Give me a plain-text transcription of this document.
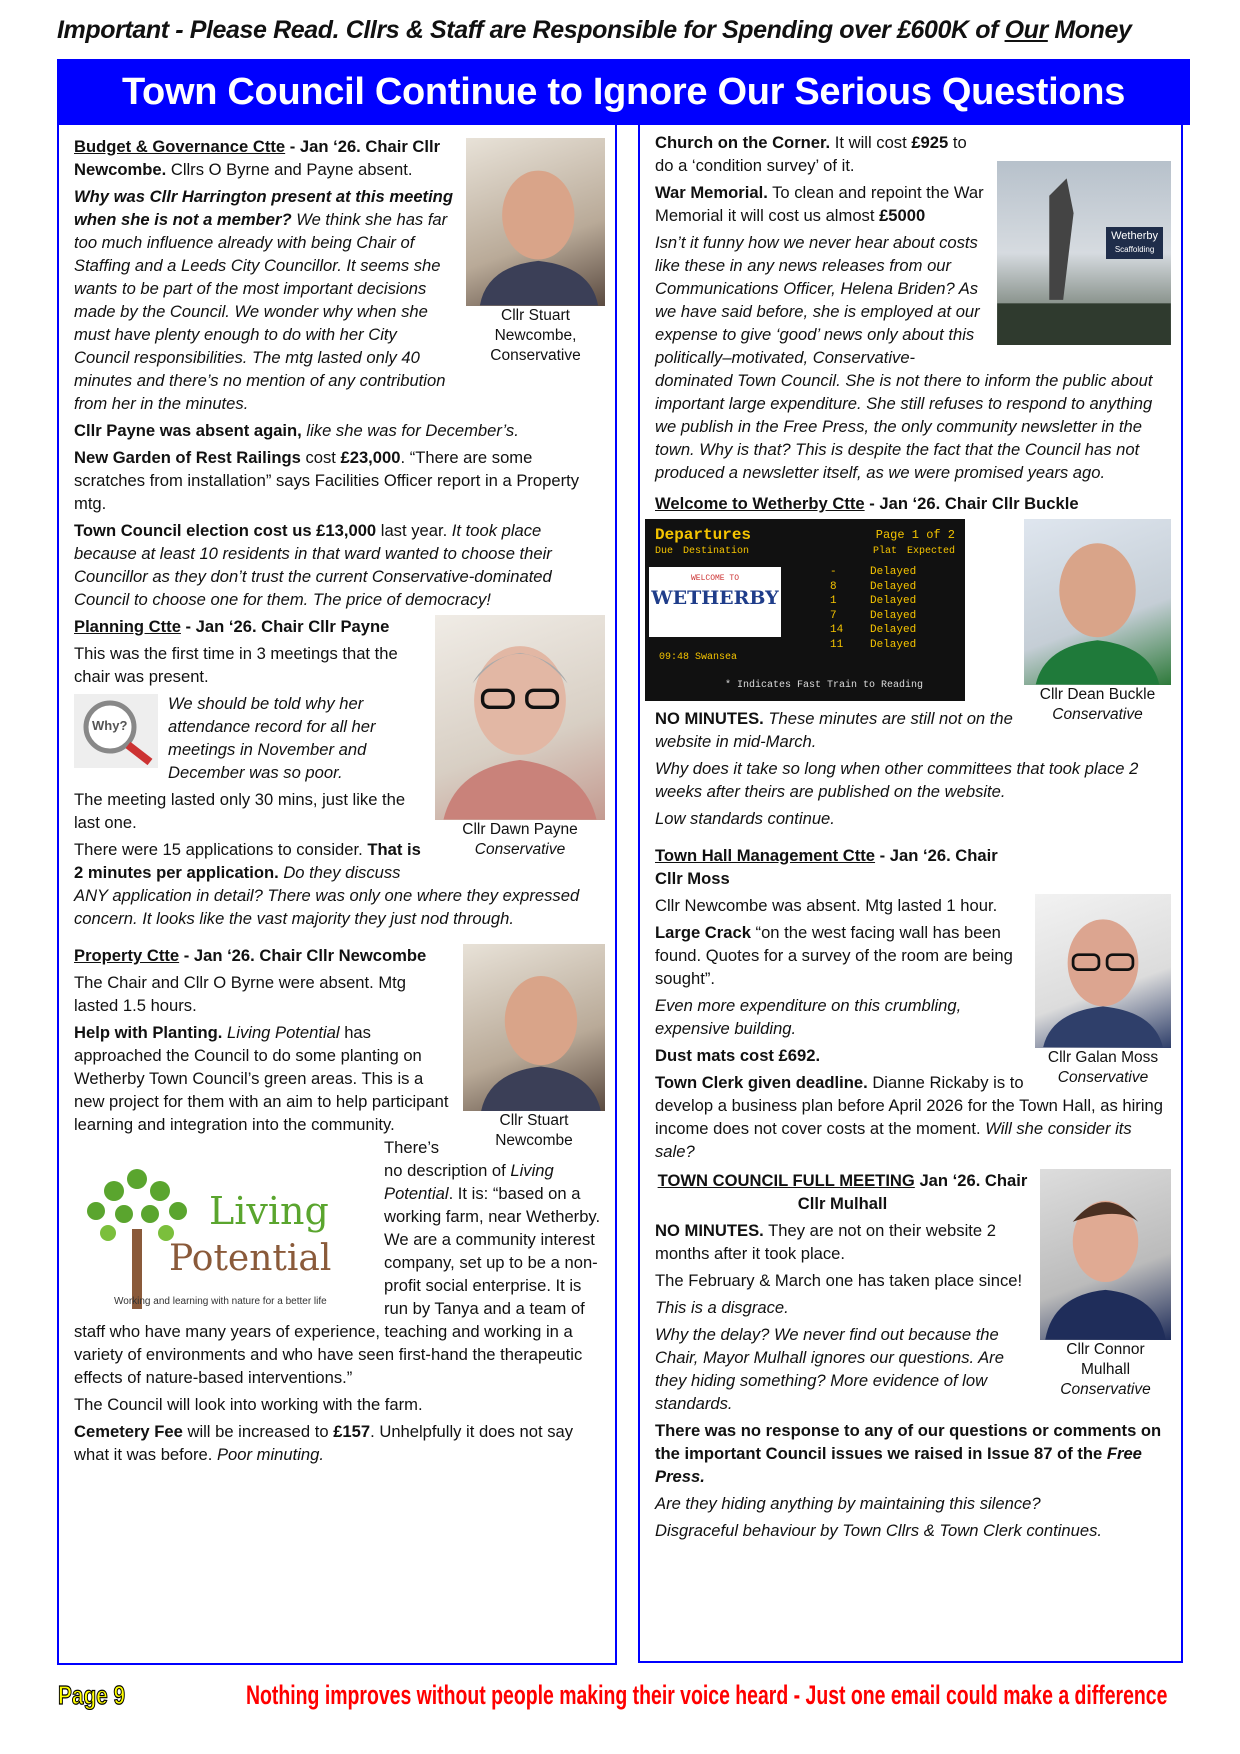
Important - Please Read. Cllrs & Staff are Responsible for Spending over £600K of Our Money
Town Council Continue to Ignore Our Serious Questions
Cllr Stuart
Newcombe,
Conservative

Budget & Governance Ctte - Jan ‘26. Chair Cllr Newcombe. Cllrs O Byrne and Payne absent.

Why was Cllr Harrington present at this meeting when she is not a member? We think she has far too much influence already with being Chair of Staffing and a Leeds City Councillor. It seems she wants to be part of the most important decisions made by the Council. We wonder why when she must have plenty enough to do with her City Council responsibilities. The mtg lasted only 40 minutes and there’s no mention of any contribution from her in the minutes.

Cllr Payne was absent again, like she was for December’s.

New Garden of Rest Railings cost £23,000. “There are some scratches from installation” says Facilities Officer report in a Property mtg.

Town Council election cost us £13,000 last year. It took place because at least 10 residents in that ward wanted to choose their Councillor as they don’t trust the current Conservative-dominated Council to choose one for them. The price of democracy!

Cllr Dawn Payne
Conservative

Planning Ctte - Jan ‘26. Chair Cllr Payne

This was the first time in 3 meetings that the chair was present.

Why?
We should be told why her attendance record for all her meetings in November and December was so poor.

The meeting lasted only 30 mins, just like the last one.

There were 15 applications to consider. That is 2 minutes per application. Do they discuss ANY application in detail? There was only one where they expressed concern. It looks like the vast majority they just nod through.

Cllr Stuart
Newcombe

Property Ctte - Jan ‘26. Chair Cllr Newcombe

The Chair and Cllr O Byrne were absent. Mtg lasted 1.5 hours.

Living
Potential
Working and learning with nature for a better life
Help with Planting. Living Potential has approached the Council to do some planting on Wetherby Town Council’s green areas. This is a new project for them with an aim to help participant learning and integration into the community. There’s no description of Living Potential. It is: “based on a working farm, near Wetherby. We are a community interest company, set up to be a non-profit social enterprise. It is run by Tanya and a team of staff who have many years of experience, teaching and working in a variety of environments and who have seen first-hand the therapeutic effects of nature-based interventions.”

The Council will look into working with the farm.

Cemetery Fee will be increased to £157. Unhelpfully it does not say what it was before. Poor minuting.

Wetherby
Scaffolding

Church on the Corner. It will cost £925 to do a ‘condition survey’ of it.

War Memorial. To clean and repoint the War Memorial it will cost us almost £5000

Isn’t it funny how we never hear about costs like these in any news releases from our Communications Officer, Helena Briden? As we have said before, she is employed at our expense to give ‘good’ news only about this politically–motivated, Conservative-dominated Town Council. She is not there to inform the public about important large expenditure. She still refuses to respond to anything we publish in the Free Press, the only community newsletter in the town. Why is that? This is despite the fact that the Council has not produced a newsletter itself, as we were promised years ago.

Welcome to Wetherby Ctte - Jan ‘26. Chair Cllr Buckle

Cllr Dean Buckle
Conservative
Departures	Page 1 of 2
Due Destination	Plat Expected
WELCOME TO
WETHERBY
-	Delayed
8	Delayed
1	Delayed
7	Delayed
14 Delayed
11 Delayed
09:48 Swansea
* Indicates Fast Train to Reading

NO MINUTES. These minutes are still not on the website in mid-March.

Why does it take so long when other committees that took place 2 weeks after theirs are published on the website.

Low standards continue.

Cllr Galan Moss
Conservative

Town Hall Management Ctte - Jan ‘26. Chair Cllr Moss

Cllr Newcombe was absent. Mtg lasted 1 hour.

Large Crack “on the west facing wall has been found. Quotes for a survey of the room are being sought”.

Even more expenditure on this crumbling, expensive building.

Dust mats cost £692.

Town Clerk given deadline. Dianne Rickaby is to develop a business plan before April 2026 for the Town Hall, as hiring income does not cover costs at the moment. Will she consider its sale?

Cllr Connor
Mulhall
Conservative

TOWN COUNCIL FULL MEETING Jan ‘26. Chair Cllr Mulhall

NO MINUTES. They are not on their website 2 months after it took place.

The February & March one has taken place since!

This is a disgrace.

Why the delay? We never find out because the Chair, Mayor Mulhall ignores our questions. Are they hiding something? More evidence of low standards.

There was no response to any of our questions or comments on the important Council issues we raised in Issue 87 of the Free Press.

Are they hiding anything by maintaining this silence?

Disgraceful behaviour by Town Cllrs & Town Clerk continues.

Page 9	Nothing improves without people making their voice heard - Just one email could make a difference
